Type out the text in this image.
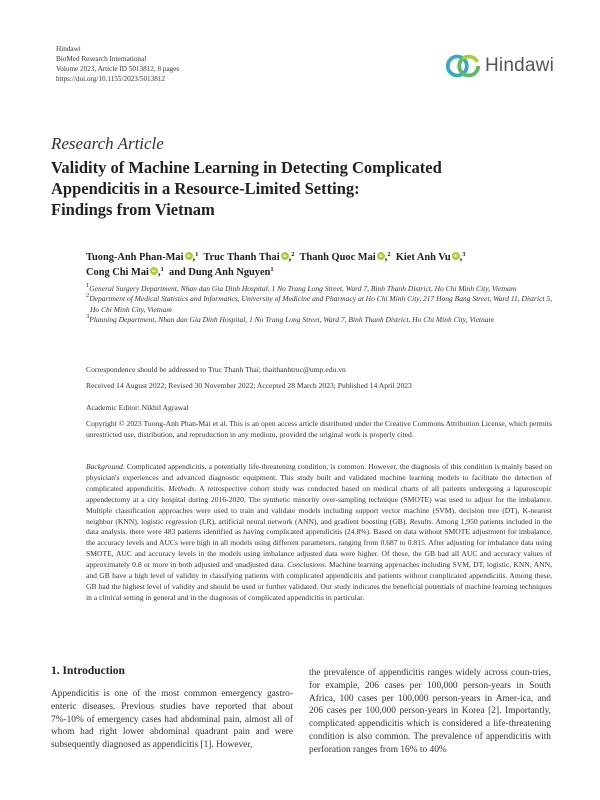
Hindawi
BioMed Research International
Volume 2023, Article ID 5013812, 8 pages
https://doi.org/10.1155/2023/5013812
Hindawi
Research Article
Validity of Machine Learning in Detecting Complicated
Appendicitis in a Resource-Limited Setting:
Findings from Vietnam
Tuong-Anh Phan-Mai iD ,$^1$ Truc Thanh Thai iD ,$^2$ Thanh Quoc Mai iD ,$^2$ Kiet Anh VuiD ,$^3$
Cong Chi Mai iD ,$^1$ and Dung Anh Nguyen$^1$
$^1$General Surgery Department, Nhan dan Gia Dinh Hospital, 1 No Trang Long Street, Ward 7, Binh Thanh District, Ho Chi Minh City, Vietnam
$^2$Department of Medical Statistics and Informatics, University of Medicine and Pharmacy at Ho Chi Minh City, 217 Hong Bang Street, Ward 11, District 5, Ho Chi Minh City, Vietnam
$^3$Planning Department, Nhan dan Gia Dinh Hospital, 1 No Trang Long Street, Ward 7, Binh Thanh District, Ho Chi Minh City, Vietnam
Correspondence should be addressed to Truc Thanh Thai; thaithanhtruc@ump.edu.vn
Received 14 August 2022; Revised 30 November 2022; Accepted 28 March 2023; Published 14 April 2023
Academic Editor: Nikhil Agrawal
Copyright © 2023 Tuong-Anh Phan-Mai et al. This is an open access article distributed under the Creative Commons Attribution License, which permits unrestricted use, distribution, and reproduction in any medium, provided the original work is properly cited.
Background. Complicated appendicitis, a potentially life-threatening condition, is common. However, the diagnosis of this condition is mainly based on physician's experiences and advanced diagnostic equipment. This study built and validated machine learning models to facilitate the detection of complicated appendicitis. Methods. A retrospective cohort study was conducted based on medical charts of all patients undergoing a laparoscopic appendectomy at a city hospital during 2016-2020. The synthetic minority over-sampling technique (SMOTE) was used to adjust for the imbalance. Multiple classification approaches were used to train and validate models including support vector machine (SVM), decision tree (DT), K-nearest neighbor (KNN), logistic regression (LR), artificial neural network (ANN), and gradient boosting (GB). Results. Among 1,950 patients included in the data analysis, there were 483 patients identified as having complicated appendicitis (24.8%). Based on data without SMOTE adjustment for imbalance, the accuracy levels and AUCs were high in all models using different parameters, ranging from 0.687 to 0.815. After adjusting for imbalance data using SMOTE, AUC and accuracy levels in the models using imbalance adjusted data were higher. Of these, the GB had all AUC and accuracy values of approximately 0.8 or more in both adjusted and unadjusted data. Conclusions. Machine learning approaches including SVM, DT, logistic, KNN, ANN, and GB have a high level of validity in classifying patients with complicated appendicitis and patients without complicated appendicitis. Among these, GB had the highest level of validity and should be used or further validated. Our study indicates the beneficial potentials of machine learning techniques in a clinical setting in general and in the diagnosis of complicated appendicitis in particular.
1. Introduction
Appendicitis is one of the most common emergency gastro-enteric diseases. Previous studies have reported that about 7%-10% of emergency cases had abdominal pain, almost all of whom had right lower abdominal quadrant pain and were subsequently diagnosed as appendicitis [1]. However,
the prevalence of appendicitis ranges widely across coun-tries, for example, 206 cases per 100,000 person-years in South Africa, 100 cases per 100,000 person-years in Amer-ica, and 206 cases per 100,000 person-years in Korea [2]. Importantly, complicated appendicitis which is considered a life-threatening condition is also common. The prevalence of appendicitis with perforation ranges from 16% to 40%
